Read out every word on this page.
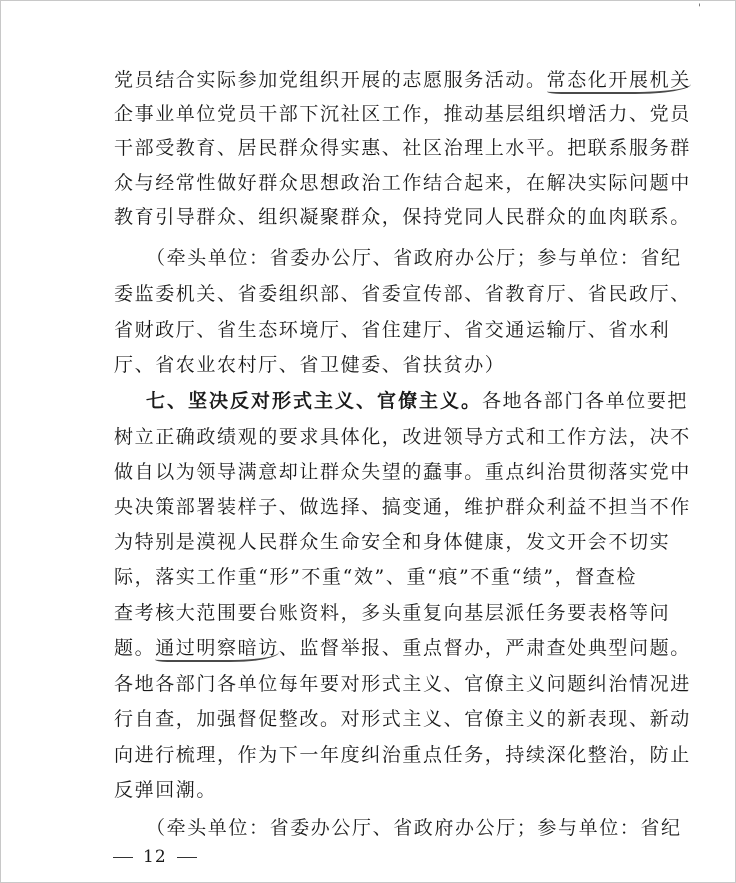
'
党员结合实际参加党组织开展的志愿服务活动。常态化开展机关
企事业单位党员干部下沉社区工作，推动基层组织增活力、党员
干部受教育、居民群众得实惠、社区治理上水平。把联系服务群
众与经常性做好群众思想政治工作结合起来，在解决实际问题中
教育引导群众、组织凝聚群众，保持党同人民群众的血肉联系。
（牵头单位：省委办公厅、省政府办公厅；参与单位：省纪
委监委机关、省委组织部、省委宣传部、省教育厅、省民政厅、
省财政厅、省生态环境厅、省住建厅、省交通运输厅、省水利
厅、省农业农村厅、省卫健委、省扶贫办）
七、坚决反对形式主义、官僚主义。各地各部门各单位要把
树立正确政绩观的要求具体化，改进领导方式和工作方法，决不
做自以为领导满意却让群众失望的蠢事。重点纠治贯彻落实党中
央决策部署装样子、做选择、搞变通，维护群众利益不担当不作
为特别是漠视人民群众生命安全和身体健康，发文开会不切实
际，落实工作重“形”不重“效”、重“痕”不重“绩”，督查检
查考核大范围要台账资料，多头重复向基层派任务要表格等问
题。通过明察暗访、监督举报、重点督办，严肃查处典型问题。
各地各部门各单位每年要对形式主义、官僚主义问题纠治情况进
行自查，加强督促整改。对形式主义、官僚主义的新表现、新动
向进行梳理，作为下一年度纠治重点任务，持续深化整治，防止
反弹回潮。
（牵头单位：省委办公厅、省政府办公厅；参与单位：省纪
12
